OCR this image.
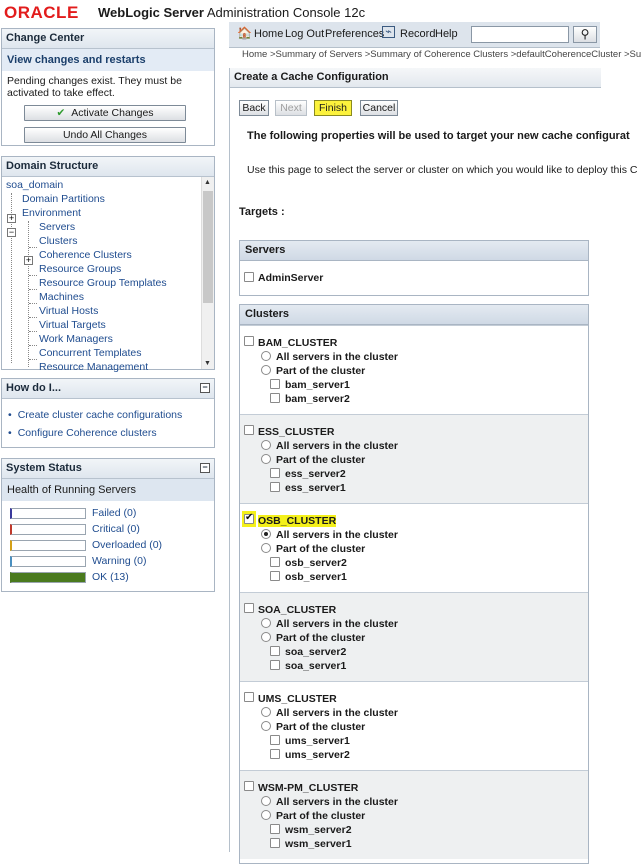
ORACLE WebLogic Server Administration Console 12c
Change Center
View changes and restarts
Pending changes exist. They must be activated to take effect.
✔ Activate Changes
Undo All Changes
Domain Structure
+
−
+
soa_domain
Domain Partitions
Environment
Servers
Clusters
Coherence Clusters
Resource Groups
Resource Group Templates
Machines
Virtual Hosts
Virtual Targets
Work Managers
Concurrent Templates
Resource Management
▲
▼
How do I...	−
• Create cluster cache configurations
• Configure Coherence clusters
System Status	−
Health of Running Servers
Failed (0)
Critical (0)
Overloaded (0)
Warning (0)
OK (13)
🏠 Home Log Out Preferences ⌁ Record Help	⚲
Home >Summary of Servers >Summary of Coherence Clusters >defaultCoherenceCluster >Su
Create a Cache Configuration
Back	Next	Finish	Cancel
The following properties will be used to target your new cache configurat
Use this page to select the server or cluster on which you would like to deploy this C
Targets :
Servers
AdminServer
Clusters
BAM_CLUSTER
All servers in the cluster
Part of the cluster
bam_server1
bam_server2
ESS_CLUSTER
All servers in the cluster
Part of the cluster
ess_server2
ess_server1
✔
OSB_CLUSTER
All servers in the cluster
Part of the cluster
osb_server2
osb_server1
SOA_CLUSTER
All servers in the cluster
Part of the cluster
soa_server2
soa_server1
UMS_CLUSTER
All servers in the cluster
Part of the cluster
ums_server1
ums_server2
WSM-PM_CLUSTER
All servers in the cluster
Part of the cluster
wsm_server2
wsm_server1
